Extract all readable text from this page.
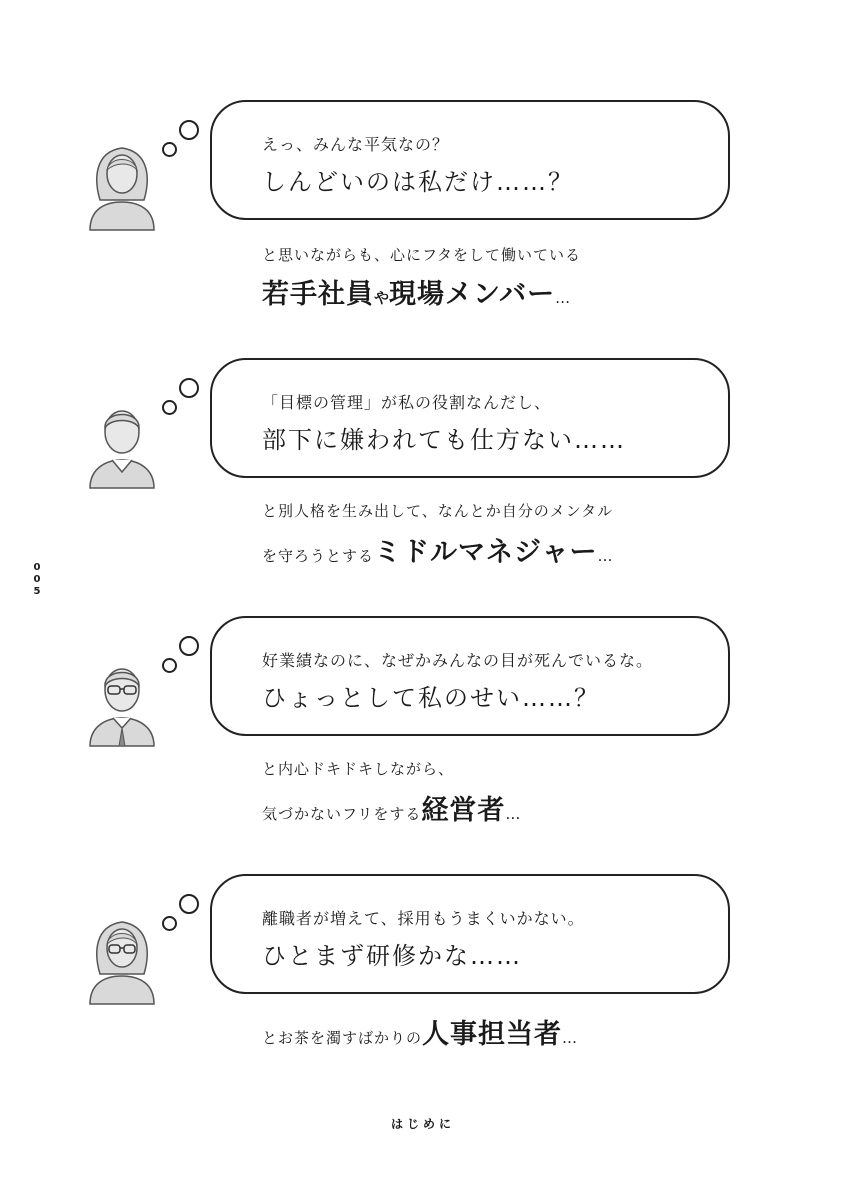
0
0
5
えっ、みんな平気なの？
しんどいのは私だけ……？
と思いながらも、心にフタをして働いている
若手社員や現場メンバー…
「目標の管理」が私の役割なんだし、
部下に嫌われても仕方ない……
と別人格を生み出して、なんとか自分のメンタル
を守ろうとするミドルマネジャー…
好業績なのに、なぜかみんなの目が死んでいるな。
ひょっとして私のせい……？
と内心ドキドキしながら、
気づかないフリをする経営者…
離職者が増えて、採用もうまくいかない。
ひとまず研修かな……
とお茶を濁すばかりの人事担当者…
はじめに
